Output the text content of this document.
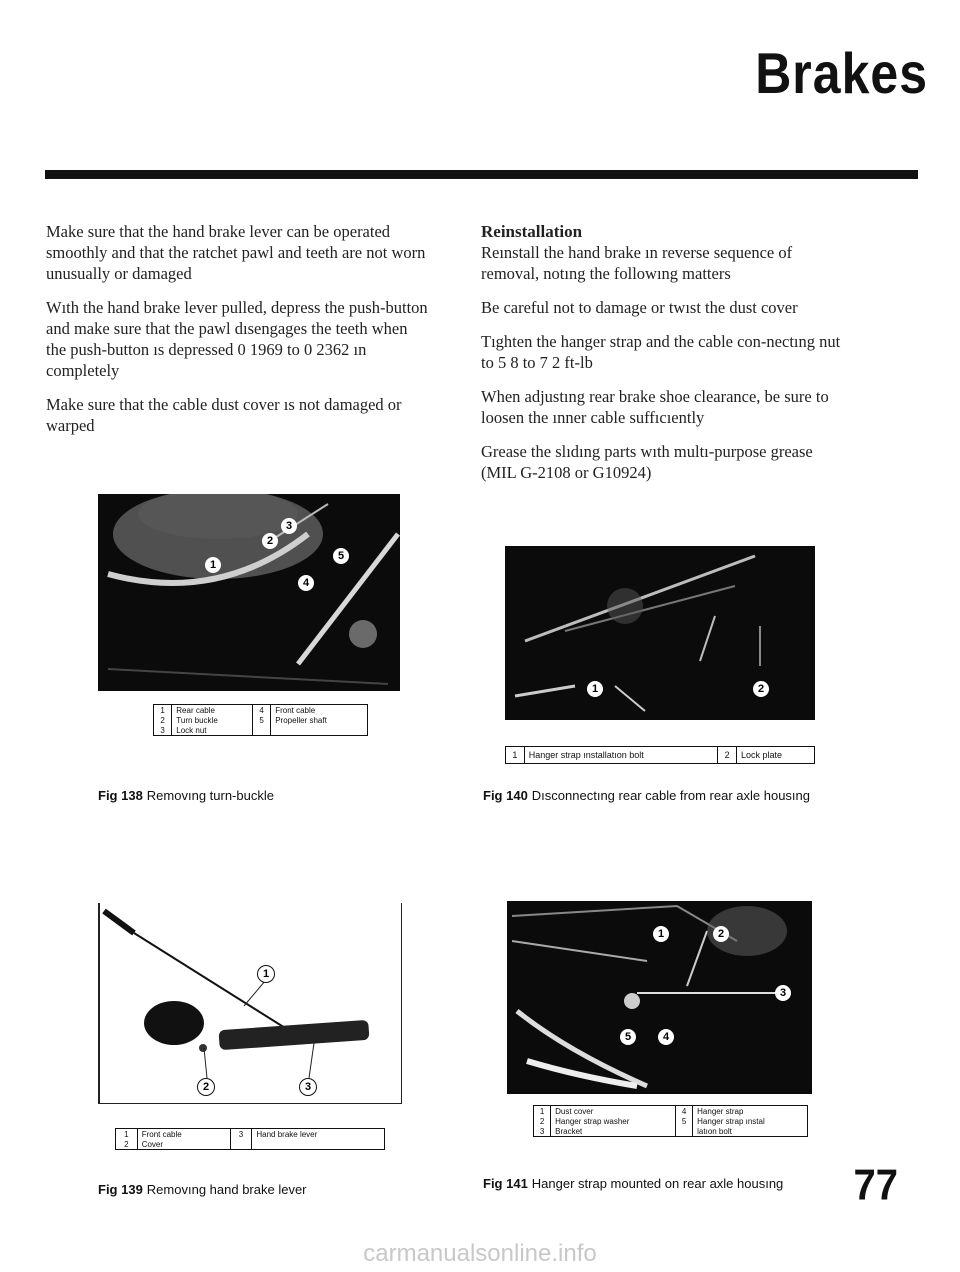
Brakes

Make sure that the hand brake lever can be operated smoothly and that the ratchet pawl and teeth are not worn unusually or damaged

Wıth the hand brake lever pulled, depress the push-button and make sure that the pawl dısengages the teeth when the push-button ıs depressed 0 1969 to 0 2362 ın completely

Make sure that the cable dust cover ıs not damaged or warped

Reinstallation

Reınstall the hand brake ın reverse sequence of removal, notıng the followıng matters

Be careful not to damage or twıst the dust cover

Tıghten the hanger strap and the cable con-nectıng nut to 5 8 to 7 2 ft-lb

When adjustıng rear brake shoe clearance, be sure to loosen the ınner cable suffıcıently

Grease the slıdıng parts wıth multı-purpose grease (MIL G-2108 or G10924)

1
2
3
4
5
1	Rear cable	4	Front cable
2	Turn buckle	5	Propeller shaft
3	Lock nut		
Fig 138 Removıng turn-buckle
1
2	3
1	Front cable	3	Hand brake lever
2	Cover		
Fig 139 Removıng hand brake lever
1	2
1	Hanger strap ınstallatıon bolt	2	Lock plate
Fig 140 Dısconnectıng rear cable from rear axle housıng
1	2
3
4
5
1	Dust cover	4	Hanger strap
2	Hanger strap washer	5	Hanger strap ınstal
3	Bracket		latıon bolt
Fig 141 Hanger strap mounted on rear axle housıng 77
carmanualsonline.info
